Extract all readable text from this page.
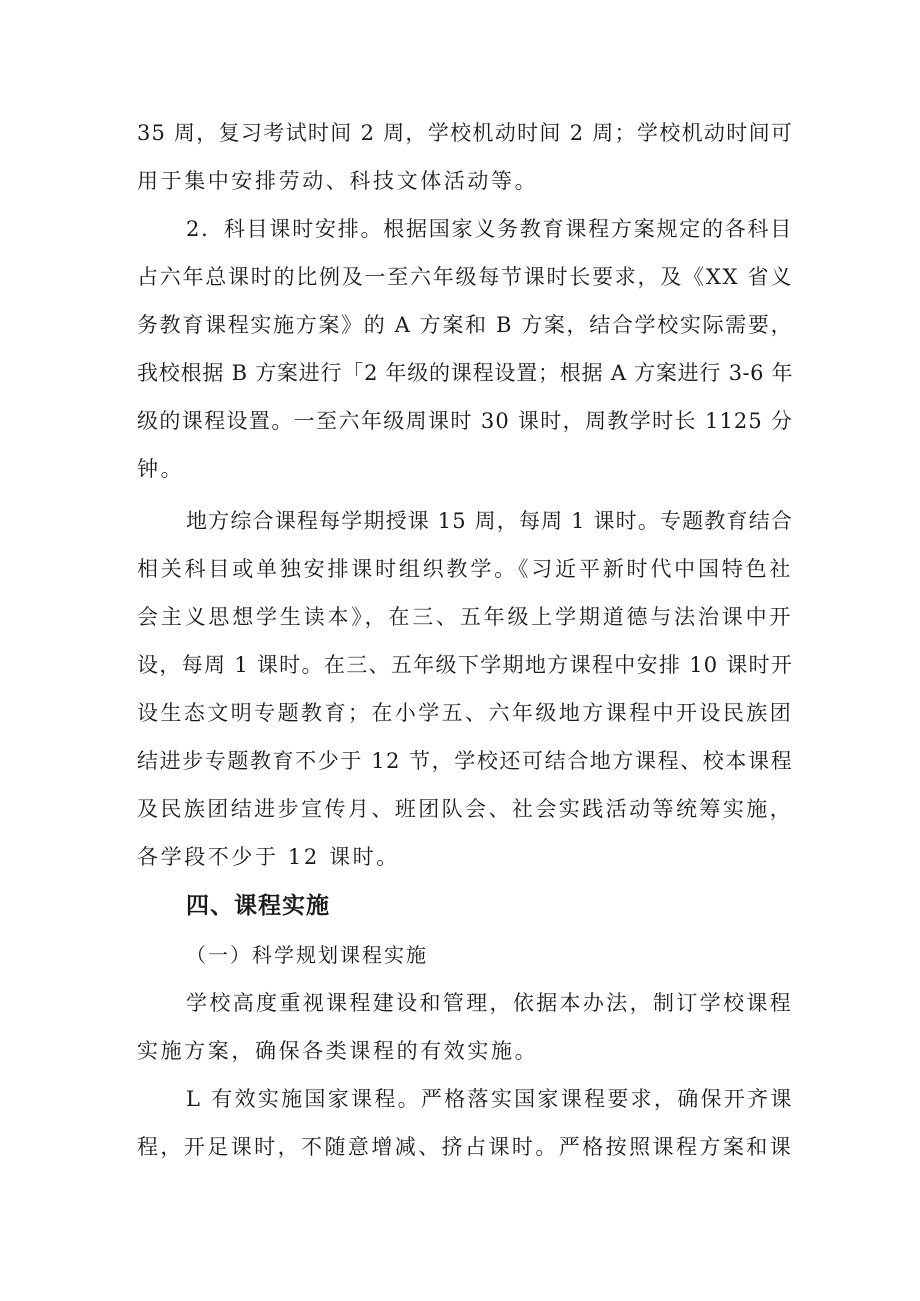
35 周，复习考试时间 2 周，学校机动时间 2 周；学校机动时间可
用于集中安排劳动、科技文体活动等。
2．科目课时安排。根据国家义务教育课程方案规定的各科目
占六年总课时的比例及一至六年级每节课时长要求，及《XX 省义
务教育课程实施方案》的 A 方案和 B 方案，结合学校实际需要，
我校根据 B 方案进行「2 年级的课程设置；根据 A 方案进行 3-6 年
级的课程设置。一至六年级周课时 30 课时，周教学时长 1125 分
钟。
地方综合课程每学期授课 15 周，每周 1 课时。专题教育结合
相关科目或单独安排课时组织教学。《习近平新时代中国特色社
会主义思想学生读本》，在三、五年级上学期道德与法治课中开
设，每周 1 课时。在三、五年级下学期地方课程中安排 10 课时开
设生态文明专题教育；在小学五、六年级地方课程中开设民族团
结进步专题教育不少于 12 节，学校还可结合地方课程、校本课程
及民族团结进步宣传月、班团队会、社会实践活动等统筹实施，
各学段不少于 12 课时。
四、课程实施
（一）科学规划课程实施
学校高度重视课程建设和管理，依据本办法，制订学校课程
实施方案，确保各类课程的有效实施。
L 有效实施国家课程。严格落实国家课程要求，确保开齐课
程，开足课时，不随意增减、挤占课时。严格按照课程方案和课
